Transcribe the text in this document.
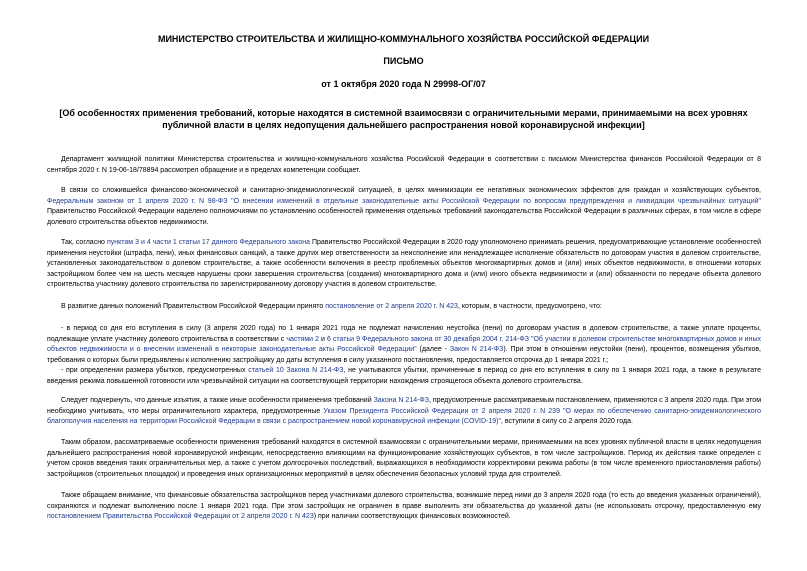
МИНИСТЕРСТВО СТРОИТЕЛЬСТВА И ЖИЛИЩНО-КОММУНАЛЬНОГО ХОЗЯЙСТВА РОССИЙСКОЙ ФЕДЕРАЦИИ
ПИСЬМО
от 1 октября 2020 года N 29998-ОГ/07
[Об особенностях применения требований, которые находятся в системной взаимосвязи с ограничительными мерами, принимаемыми на всех уровнях публичной власти в целях недопущения дальнейшего распространения новой коронавирусной инфекции]
Департамент жилищной политики Министерства строительства и жилищно-коммунального хозяйства Российской Федерации в соответствии с письмом Министерства финансов Российской Федерации от 8 сентября 2020 г. N 19-06-18/78894 рассмотрел обращение и в пределах компетенции сообщает.
В связи со сложившейся финансово-экономической и санитарно-эпидемиологической ситуацией, в целях минимизации ее негативных экономических эффектов для граждан и хозяйствующих субъектов, Федеральным законом от 1 апреля 2020 г. N 98-ФЗ "О внесении изменений в отдельные законодательные акты Российской Федерации по вопросам предупреждения и ликвидации чрезвычайных ситуаций" Правительство Российской Федерации наделено полномочиями по установлению особенностей применения отдельных требований законодательства Российской Федерации в различных сферах, в том числе в сфере долевого строительства объектов недвижимости.
Так, согласно пунктам 3 и 4 части 1 статьи 17 данного Федерального закона Правительство Российской Федерации в 2020 году уполномочено принимать решения, предусматривающие установление особенностей применения неустойки (штрафа, пени), иных финансовых санкций, а также других мер ответственности за неисполнение или ненадлежащее исполнение обязательств по договорам участия в долевом строительстве, установленных законодательством о долевом строительстве, а также особенности включения в реестр проблемных объектов многоквартирных домов и (или) иных объектов недвижимости, в отношении которых застройщиком более чем на шесть месяцев нарушены сроки завершения строительства (создания) многоквартирного дома и (или) иного объекта недвижимости и (или) обязанности по передаче объекта долевого строительства участнику долевого строительства по зарегистрированному договору участия в долевом строительстве.
В развитие данных положений Правительством Российской Федерации принято постановление от 2 апреля 2020 г. N 423, которым, в частности, предусмотрено, что:
- в период со дня его вступления в силу (3 апреля 2020 года) по 1 января 2021 года не подлежат начислению неустойка (пени) по договорам участия в долевом строительстве, а также уплате проценты, подлежащие уплате участнику долевого строительства в соответствии с частями 2 и 6 статьи 9 Федерального закона от 30 декабря 2004 г. 214-ФЗ "Об участии в долевом строительстве многоквартирных домов и иных объектов недвижимости и о внесении изменений в некоторые законодательные акты Российской Федерации" (далее - Закон N 214-ФЗ). При этом в отношении неустойки (пени), процентов, возмещения убытков, требования о которых были предъявлены к исполнению застройщику до даты вступления в силу указанного постановления, предоставляется отсрочка до 1 января 2021 г.;
- при определении размера убытков, предусмотренных статьей 10 Закона N 214-ФЗ, не учитываются убытки, причиненные в период со дня его вступления в силу по 1 января 2021 года, а также в результате введения режима повышенной готовности или чрезвычайной ситуации на соответствующей территории нахождения строящегося объекта долевого строительства.
Следует подчеркнуть, что данные изъятия, а также иные особенности применения требований Закона N 214-ФЗ, предусмотренные рассматриваемым постановлением, применяются с 3 апреля 2020 года. При этом необходимо учитывать, что меры ограничительного характера, предусмотренные Указом Президента Российской Федерации от 2 апреля 2020 г. N 239 "О мерах по обеспечению санитарно-эпидемиологического благополучия населения на территории Российской Федерации в связи с распространением новой коронавирусной инфекции (COVID-19)", вступили в силу со 2 апреля 2020 года.
Таким образом, рассматриваемые особенности применения требований находятся в системной взаимосвязи с ограничительными мерами, принимаемыми на всех уровнях публичной власти в целях недопущения дальнейшего распространения новой коронавирусной инфекции, непосредственно влияющими на функционирование хозяйствующих субъектов, в том числе застройщиков. Период их действия также определен с учетом сроков введения таких ограничительных мер, а также с учетом долгосрочных последствий, выражающихся в необходимости корректировки режима работы (в том числе временного приостановления работы) застройщиков (строительных площадок) и проведения иных организационных мероприятий в целях обеспечения безопасных условий труда для строителей.
Также обращаем внимание, что финансовые обязательства застройщиков перед участниками долевого строительства, возникшие перед ними до 3 апреля 2020 года (то есть до введения указанных ограничений), сохраняются и подлежат выполнению после 1 января 2021 года. При этом застройщик не ограничен в праве выполнить эти обязательства до указанной даты (не использовать отсрочку, предоставленную ему постановлением Правительства Российской Федерации от 2 апреля 2020 г. N 423) при наличии соответствующих финансовых возможностей.
